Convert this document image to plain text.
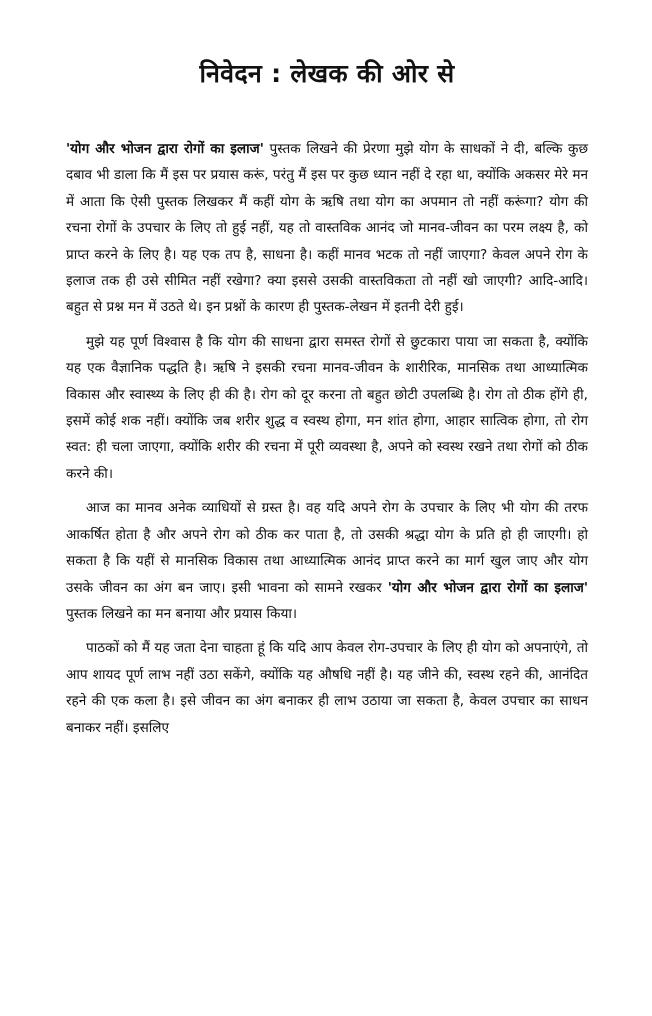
निवेदन : लेखक की ओर से

'योग और भोजन द्वारा रोगों का इलाज' पुस्तक लिखने की प्रेरणा मुझे योग के साधकों ने दी, बल्कि कुछ दबाव भी डाला कि मैं इस पर प्रयास करूं, परंतु मैं इस पर कुछ ध्यान नहीं दे रहा था, क्योंकि अकसर मेरे मन में आता कि ऐसी पुस्तक लिखकर मैं कहीं योग के ऋषि तथा योग का अपमान तो नहीं करूंगा? योग की रचना रोगों के उपचार के लिए तो हुई नहीं, यह तो वास्तविक आनंद जो मानव-जीवन का परम लक्ष्य है, को प्राप्त करने के लिए है। यह एक तप है, साधना है। कहीं मानव भटक तो नहीं जाएगा? केवल अपने रोग के इलाज तक ही उसे सीमित नहीं रखेगा? क्या इससे उसकी वास्तविकता तो नहीं खो जाएगी? आदि-आदि। बहुत से प्रश्न मन में उठते थे। इन प्रश्नों के कारण ही पुस्तक-लेखन में इतनी देरी हुई।

मुझे यह पूर्ण विश्वास है कि योग की साधना द्वारा समस्त रोगों से छुटकारा पाया जा सकता है, क्योंकि यह एक वैज्ञानिक पद्धति है। ऋषि ने इसकी रचना मानव-जीवन के शारीरिक, मानसिक तथा आध्यात्मिक विकास और स्वास्थ्य के लिए ही की है। रोग को दूर करना तो बहुत छोटी उपलब्धि है। रोग तो ठीक होंगे ही, इसमें कोई शक नहीं। क्योंकि जब शरीर शुद्ध व स्वस्थ होगा, मन शांत होगा, आहार सात्विक होगा, तो रोग स्वत: ही चला जाएगा, क्योंकि शरीर की रचना में पूरी व्यवस्था है, अपने को स्वस्थ रखने तथा रोगों को ठीक करने की।

आज का मानव अनेक व्याधियों से ग्रस्त है। वह यदि अपने रोग के उपचार के लिए भी योग की तरफ आकर्षित होता है और अपने रोग को ठीक कर पाता है, तो उसकी श्रद्धा योग के प्रति हो ही जाएगी। हो सकता है कि यहीं से मानसिक विकास तथा आध्यात्मिक आनंद प्राप्त करने का मार्ग खुल जाए और योग उसके जीवन का अंग बन जाए। इसी भावना को सामने रखकर 'योग और भोजन द्वारा रोगों का इलाज' पुस्तक लिखने का मन बनाया और प्रयास किया।

पाठकों को मैं यह जता देना चाहता हूं कि यदि आप केवल रोग-उपचार के लिए ही योग को अपनाएंगे, तो आप शायद पूर्ण लाभ नहीं उठा सकेंगे, क्योंकि यह औषधि नहीं है। यह जीने की, स्वस्थ रहने की, आनंदित रहने की एक कला है। इसे जीवन का अंग बनाकर ही लाभ उठाया जा सकता है, केवल उपचार का साधन बनाकर नहीं। इसलिए
